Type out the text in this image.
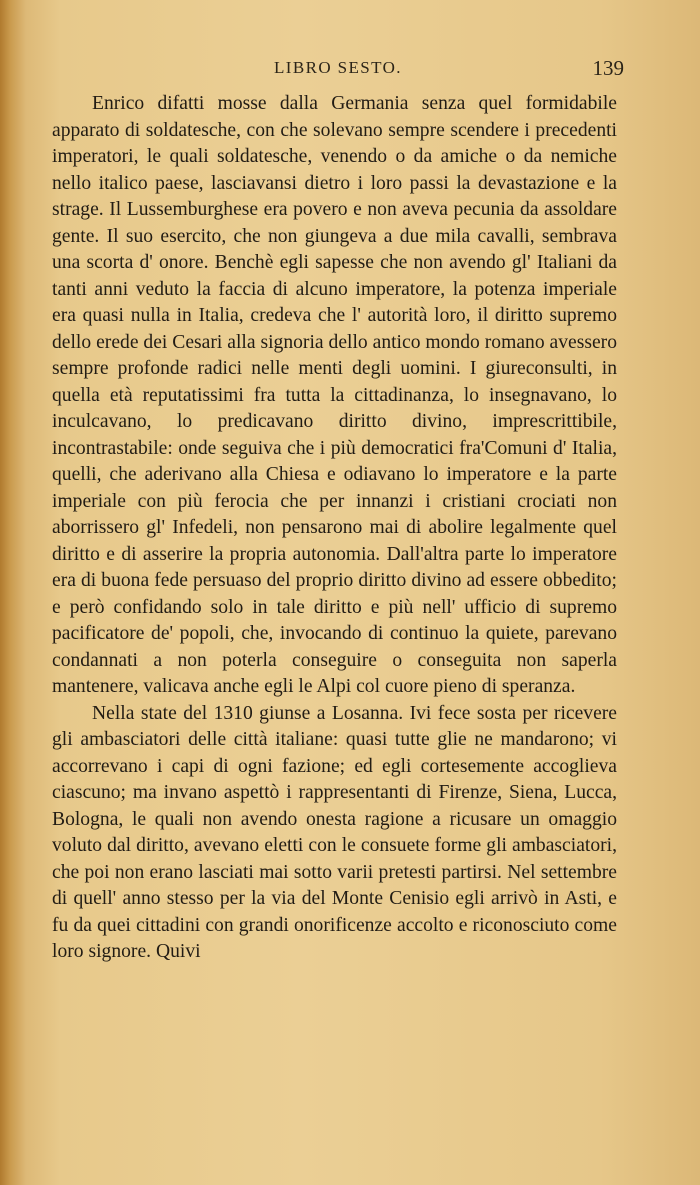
LIBRO SESTO.	139

Enrico difatti mosse dalla Germania senza quel formidabile apparato di soldatesche, con che solevano sempre scendere i precedenti imperatori, le quali soldatesche, venendo o da amiche o da nemiche nello italico paese, lasciavansi dietro i loro passi la devastazione e la strage. Il Lussemburghese era povero e non aveva pecunia da assoldare gente. Il suo esercito, che non giungeva a due mila cavalli, sembrava una scorta d' onore. Benchè egli sapesse che non avendo gl' Italiani da tanti anni veduto la faccia di alcuno imperatore, la potenza imperiale era quasi nulla in Italia, credeva che l' autorità loro, il diritto supremo dello erede dei Cesari alla signoria dello antico mondo romano avessero sempre profonde radici nelle menti degli uomini. I giureconsulti, in quella età reputatissimi fra tutta la cittadinanza, lo insegnavano, lo inculcavano, lo predicavano diritto divino, imprescrittibile, incontrastabile: onde seguiva che i più democratici fra'Comuni d' Italia, quelli, che aderivano alla Chiesa e odiavano lo imperatore e la parte imperiale con più ferocia che per innanzi i cristiani crociati non aborrissero gl' Infedeli, non pensarono mai di abolire legalmente quel diritto e di asserire la propria autonomia. Dall'altra parte lo imperatore era di buona fede persuaso del proprio diritto divino ad essere obbedito; e però confidando solo in tale diritto e più nell' ufficio di supremo pacificatore de' popoli, che, invocando di continuo la quiete, parevano condannati a non poterla conseguire o conseguita non saperla mantenere, valicava anche egli le Alpi col cuore pieno di speranza.

Nella state del 1310 giunse a Losanna. Ivi fece sosta per ricevere gli ambasciatori delle città italiane: quasi tutte glie ne mandarono; vi accorrevano i capi di ogni fazione; ed egli cortesemente accoglieva ciascuno; ma invano aspettò i rappresentanti di Firenze, Siena, Lucca, Bologna, le quali non avendo onesta ragione a ricusare un omaggio voluto dal diritto, avevano eletti con le consuete forme gli ambasciatori, che poi non erano lasciati mai sotto varii pretesti partirsi. Nel settembre di quell' anno stesso per la via del Monte Cenisio egli arrivò in Asti, e fu da quei cittadini con grandi onorificenze accolto e riconosciuto come loro signore. Quivi
